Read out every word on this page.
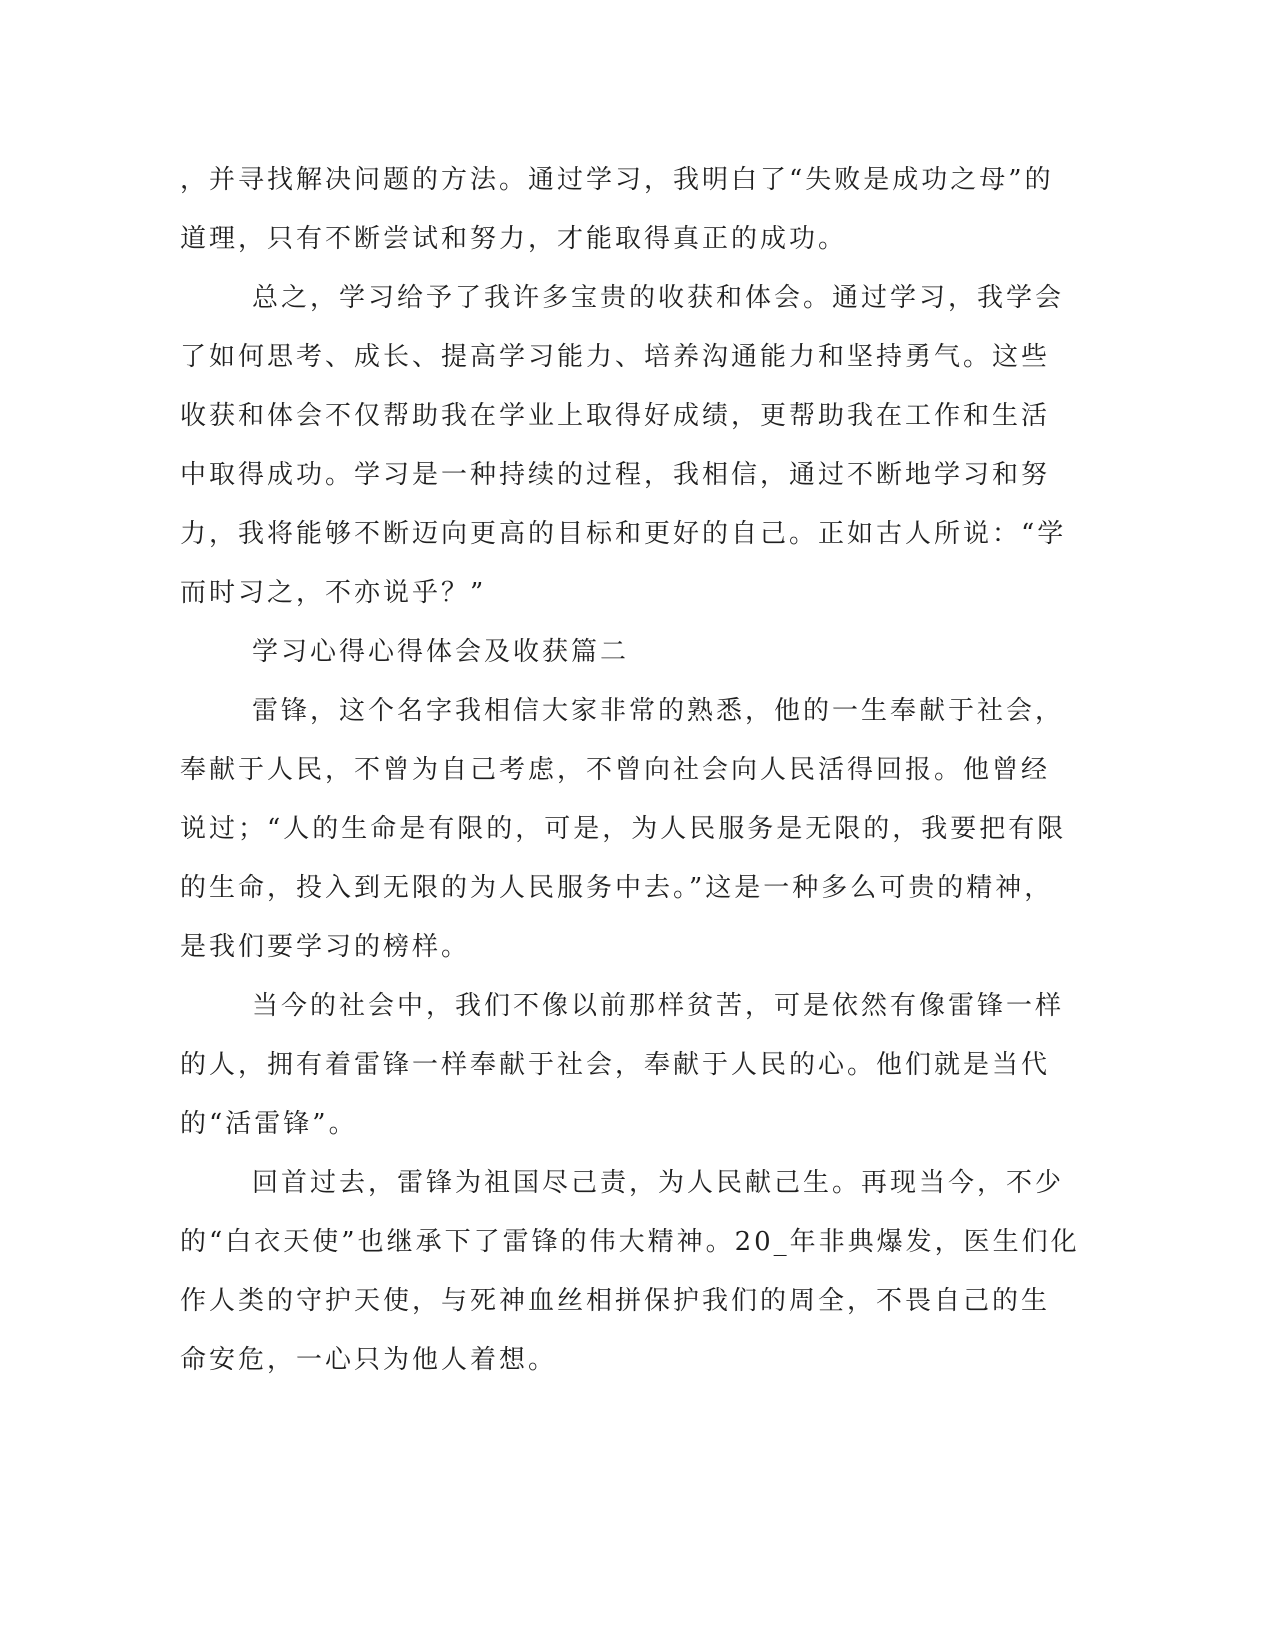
，并寻找解决问题的方法。通过学习，我明白了“失败是成功之母”的
道理，只有不断尝试和努力，才能取得真正的成功。
总之，学习给予了我许多宝贵的收获和体会。通过学习，我学会
了如何思考、成长、提高学习能力、培养沟通能力和坚持勇气。这些
收获和体会不仅帮助我在学业上取得好成绩，更帮助我在工作和生活
中取得成功。学习是一种持续的过程，我相信，通过不断地学习和努
力，我将能够不断迈向更高的目标和更好的自己。正如古人所说：“学
而时习之，不亦说乎？”
学习心得心得体会及收获篇二
雷锋，这个名字我相信大家非常的熟悉，他的一生奉献于社会，
奉献于人民，不曾为自己考虑，不曾向社会向人民活得回报。他曾经
说过；“人的生命是有限的，可是，为人民服务是无限的，我要把有限
的生命，投入到无限的为人民服务中去。”这是一种多么可贵的精神，
是我们要学习的榜样。
当今的社会中，我们不像以前那样贫苦，可是依然有像雷锋一样
的人，拥有着雷锋一样奉献于社会，奉献于人民的心。他们就是当代
的“活雷锋”。
回首过去，雷锋为祖国尽己责，为人民献己生。再现当今，不少
的“白衣天使”也继承下了雷锋的伟大精神。20_年非典爆发，医生们化
作人类的守护天使，与死神血丝相拼保护我们的周全，不畏自己的生
命安危，一心只为他人着想。
